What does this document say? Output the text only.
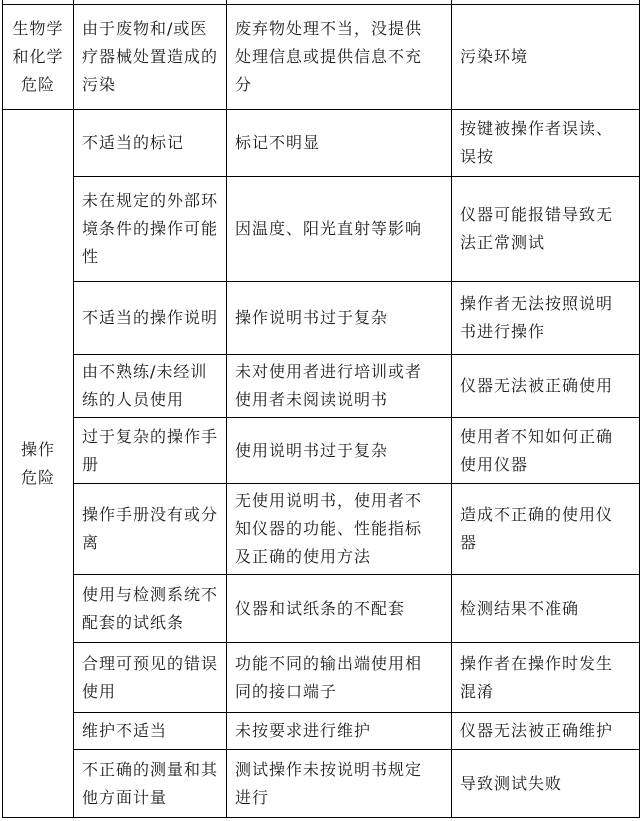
生物学
和化学
危险	由于废物和/或医疗器械处置造成的污染	废弃物处理不当，没提供处理信息或提供信息不充分	污染环境

操作
危险	不适当的标记	标记不明显	按键被操作者误读、误按
	未在规定的外部环境条件的操作可能性	因温度、阳光直射等影响	仪器可能报错导致无法正常测试
	不适当的操作说明	操作说明书过于复杂	操作者无法按照说明书进行操作
	由不熟练/未经训练的人员使用	未对使用者进行培训或者使用者未阅读说明书	仪器无法被正确使用
	过于复杂的操作手册	使用说明书过于复杂	使用者不知如何正确使用仪器
	操作手册没有或分离	无使用说明书，使用者不知仪器的功能、性能指标及正确的使用方法	造成不正确的使用仪器
	使用与检测系统不配套的试纸条	仪器和试纸条的不配套	检测结果不准确
	合理可预见的错误使用	功能不同的输出端使用相同的接口端子	操作者在操作时发生混淆
	维护不适当	未按要求进行维护	仪器无法被正确维护
	不正确的测量和其他方面计量	测试操作未按说明书规定进行	导致测试失败
